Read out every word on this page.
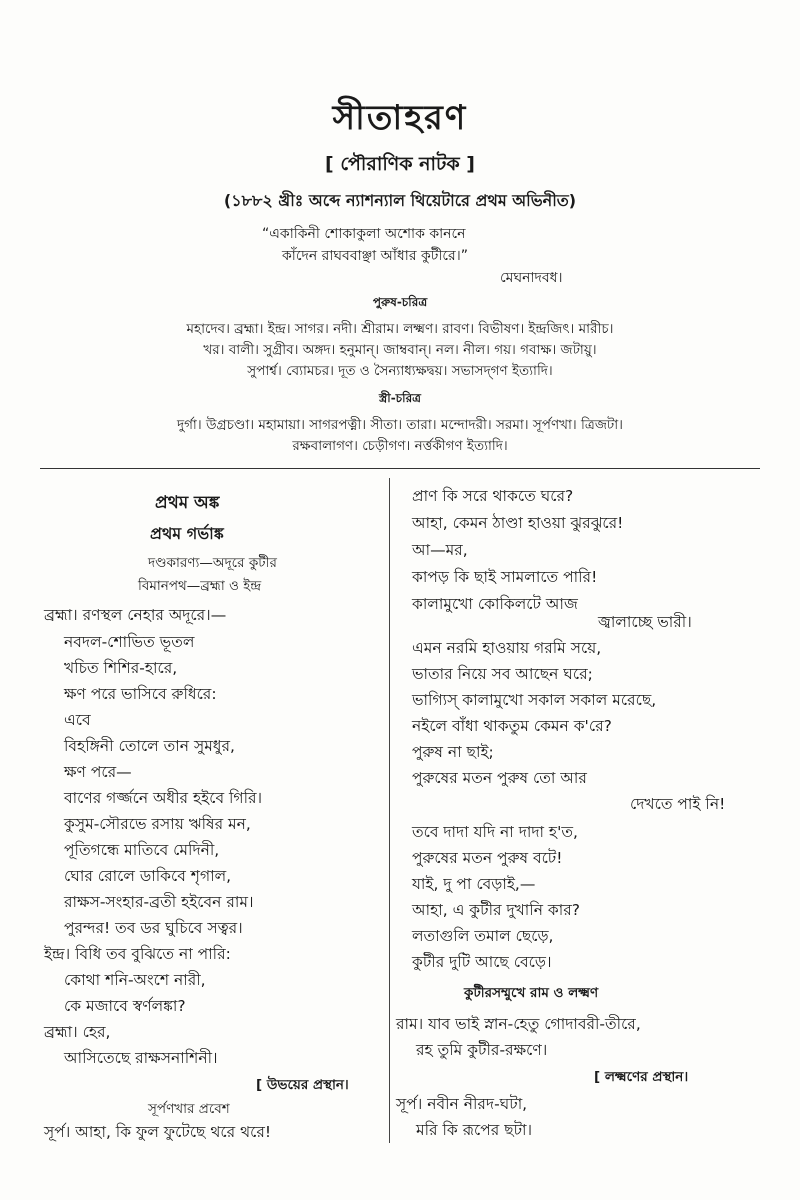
সীতাহরণ
[ পৌরাণিক নাটক ]
(১৮৮২ খ্রীঃ অব্দে ন্যাশন্যাল থিয়েটারে প্রথম অভিনীত)
“একাকিনী শোকাকুলা অশোক কাননে
কাঁদেন রাঘববাঞ্ছা আঁধার কুটীরে।”
মেঘনাদবধ।
পুরুষ-চরিত্র
মহাদেব। ব্রহ্মা। ইন্দ্র। সাগর। নদী। শ্রীরাম। লক্ষ্মণ। রাবণ। বিভীষণ। ইন্দ্রজিৎ। মারীচ।
খর। বালী। সুগ্রীব। অঙ্গদ। হনুমান্। জাম্ববান্। নল। নীল। গয়। গবাক্ষ। জটায়ু।
সুপার্শ্ব। ব্যোমচর। দূত ও সৈন্যাধ্যক্ষদ্বয়। সভাসদ্‌গণ ইত্যাদি।
স্ত্রী-চরিত্র
দুর্গা। উগ্রচণ্ডা। মহামায়া। সাগরপত্নী। সীতা। তারা। মন্দোদরী। সরমা। সূর্পণখা। ত্রিজটা।
রক্ষবালাগণ। চেড়ীগণ। নর্ত্তকীগণ ইত্যাদি।
প্রথম অঙ্ক
প্রথম গর্ভাঙ্ক
দণ্ডকারণ্য—অদূরে কুটীর
বিমানপথ—ব্রহ্মা ও ইন্দ্র
ব্রহ্মা। রণস্থল নেহার অদূরে।—
নবদল-শোভিত ভূতল
খচিত শিশির-হারে,
ক্ষণ পরে ভাসিবে রুধিরে:
এবে
বিহঙ্গিনী তোলে তান সুমধুর,
ক্ষণ পরে—
বাণের গর্জ্জনে অধীর হইবে গিরি।
কুসুম-সৌরভে রসায় ঋষির মন,
পূতিগন্ধে মাতিবে মেদিনী,
ঘোর রোলে ডাকিবে শৃগাল,
রাক্ষস-সংহার-ব্রতী হইবেন রাম।
পুরন্দর! তব ডর ঘুচিবে সত্বর।
ইন্দ্র। বিধি তব বুঝিতে না পারি:
কোথা শনি-অংশে নারী,
কে মজাবে স্বর্ণলঙ্কা?
ব্রহ্মা। হের,
আসিতেছে রাক্ষসনাশিনী।
[ উভয়ের প্রস্থান।
সূর্পণখার প্রবেশ
সূর্প। আহা, কি ফুল ফুটেছে থরে থরে!
প্রাণ কি সরে থাকতে ঘরে?
আহা, কেমন ঠাণ্ডা হাওয়া ঝুরঝুরে!
আ—মর,
কাপড় কি ছাই সামলাতে পারি!
কালামুখো কোকিলটে আজ
জ্বালাচ্ছে ভারী।
এমন নরমি হাওয়ায় গরমি সয়ে,
ভাতার নিয়ে সব আছেন ঘরে;
ভাগ্যিস্ কালামুখো সকাল সকাল মরেছে,
নইলে বাঁধা থাকতুম কেমন ক'রে?
পুরুষ না ছাই;
পুরুষের মতন পুরুষ তো আর
দেখতে পাই নি!
তবে দাদা যদি না দাদা হ'ত,
পুরুষের মতন পুরুষ বটে!
যাই, দু পা বেড়াই,—
আহা, এ কুটীর দুখানি কার?
লতাগুলি তমাল ছেড়ে,
কুটীর দুটি আছে বেড়ে।
কুটীরসম্মুখে রাম ও লক্ষ্মণ
রাম। যাব ভাই স্নান-হেতু গোদাবরী-তীরে,
রহ তুমি কুটীর-রক্ষণে।
[ লক্ষ্মণের প্রস্থান।
সূর্প। নবীন নীরদ-ঘটা,
মরি কি রূপের ছটা।
